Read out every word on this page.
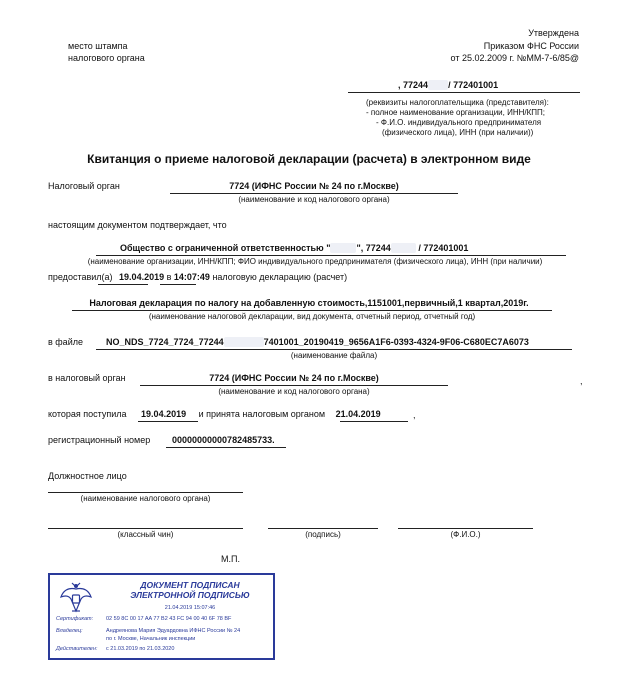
место штампа
налогового органа
Утверждена
Приказом ФНС России
от 25.02.2009 г. №ММ-7-6/85@
, 77244 / 772401001
(реквизиты налогоплательщика (представителя):
- полное наименование организации, ИНН/КПП;
- Ф.И.О. индивидуального предпринимателя
(физического лица), ИНН (при наличии))
Квитанция о приеме налоговой декларации (расчета) в электронном виде
Налоговый орган	7724 (ИФНС России № 24 по г.Москве)
(наименование и код налогового органа)
настоящим документом подтверждает, что
Общество с ограниченной ответственностью "	", 77244	/ 772401001
(наименование организации, ИНН/КПП; ФИО индивидуального предпринимателя (физического лица), ИНН (при наличии)
предоставил(а) 19.04.2019 в 14:07:49 налоговую декларацию (расчет)
Налоговая декларация по налогу на добавленную стоимость,1151001,первичный,1 квартал,2019г.
(наименование налоговой декларации, вид документа, отчетный период, отчетный год)
в файле	NO_NDS_7724_7724_77244	7401001_20190419_9656A1F6-0393-4324-9F06-C680EC7A6073
(наименование файла)
в налоговый орган	7724 (ИФНС России № 24 по г.Москве)	,
(наименование и код налогового органа)
которая поступила 19.04.2019 и принята налоговым органом 21.04.2019	,
регистрационный номер 00000000000782485733.
Должностное лицо
(наименование налогового органа)
(классный чин)	(подпись)	(Ф.И.О.)
М.П.
ДОКУМЕНТ ПОДПИСАН
ЭЛЕКТРОННОЙ ПОДПИСЬЮ
21.04.2019 15:07:46
Сертификат: 02 59 8C 00 17 AA 77 B2 43 FC 94 00 40 6F 78 BF
Владелец:	Андреянова Мария Эдуардовна ИФНС России № 24
по г. Москве, Начальник инспекции
Действителен: с 21.03.2019 по 21.03.2020
